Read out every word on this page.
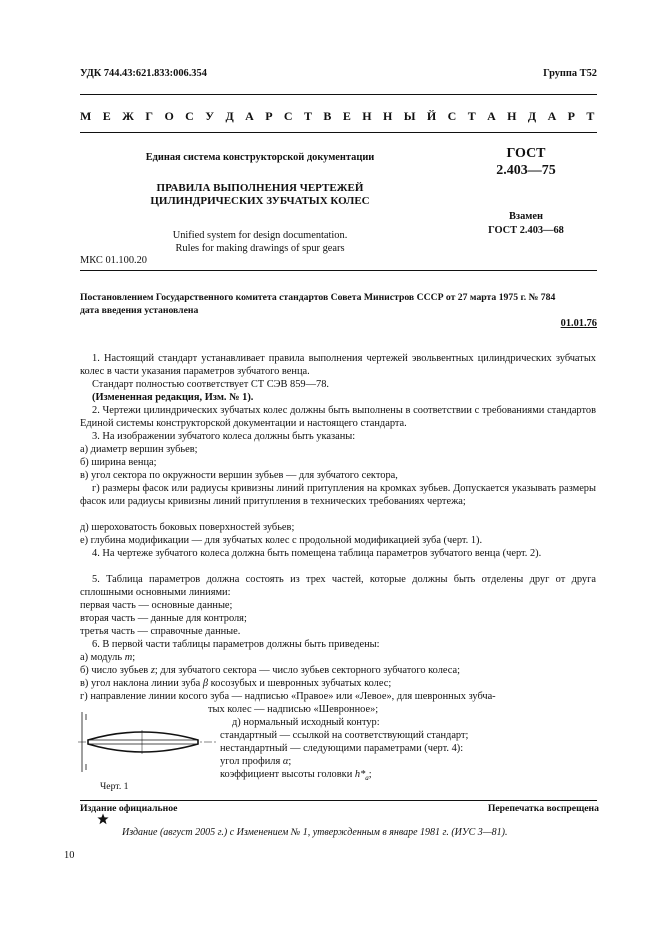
УДК 744.43:621.833:006.354	Группа Т52
М Е Ж Г О С У Д А Р С Т В Е Н Н Ы Й С Т А Н Д А Р Т
Единая система конструкторской документации
ПРАВИЛА ВЫПОЛНЕНИЯ ЧЕРТЕЖЕЙ
ЦИЛИНДРИЧЕСКИХ ЗУБЧАТЫХ КОЛЕС
Unified system for design documentation.
Rules for making drawings of spur gears
ГОСТ
2.403—75
Взамен
ГОСТ 2.403—68
МКС 01.100.20
Постановлением Государственного комитета стандартов Совета Министров СССР от 27 марта 1975 г. № 784
дата введения установлена
01.01.76
1. Настоящий стандарт устанавливает правила выполнения чертежей эвольвентных цилиндрических зубчатых колес в части указания параметров зубчатого венца.
Стандарт полностью соответствует СТ СЭВ 859—78.
(Измененная редакция, Изм. № 1).
2. Чертежи цилиндрических зубчатых колес должны быть выполнены в соответствии с требованиями стандартов Единой системы конструкторской документации и настоящего стандарта.
3. На изображении зубчатого колеса должны быть указаны:
а) диаметр вершин зубьев;
б) ширина венца;
в) угол сектора по окружности вершин зубьев — для зубчатого сектора,
г) размеры фасок или радиусы кривизны линий притупления на кромках зубьев. Допускается указывать размеры фасок или радиусы кривизны линий притупления в технических требованиях чертежа;
д) шероховатость боковых поверхностей зубьев;
е) глубина модификации — для зубчатых колес с продольной модификацией зуба (черт. 1).
4. На чертеже зубчатого колеса должна быть помещена таблица параметров зубчатого венца (черт. 2).
5. Таблица параметров должна состоять из трех частей, которые должны быть отделены друг от друга сплошными основными линиями:
первая часть — основные данные;
вторая часть — данные для контроля;
третья часть — справочные данные.
6. В первой части таблицы параметров должны быть приведены:
а) модуль m;
б) число зубьев z; для зубчатого сектора — число зубьев секторного зубчатого колеса;
в) угол наклона линии зуба β косозубых и шевронных зубчатых колес;
г) направление линии косого зуба — надписью «Правое» или «Левое», для шевронных зубча-
тых колес — надписью «Шевронное»;
д) нормальный исходный контур:
стандартный — ссылкой на соответствующий стандарт;
нестандартный — следующими параметрами (черт. 4):
угол профиля α;
коэффициент высоты головки $h*_a$;
Черт. 1
Издание официальное	Перепечатка воспрещена
Издание (август 2005 г.) с Изменением № 1, утвержденным в январе 1981 г. (ИУС 3—81).
10
